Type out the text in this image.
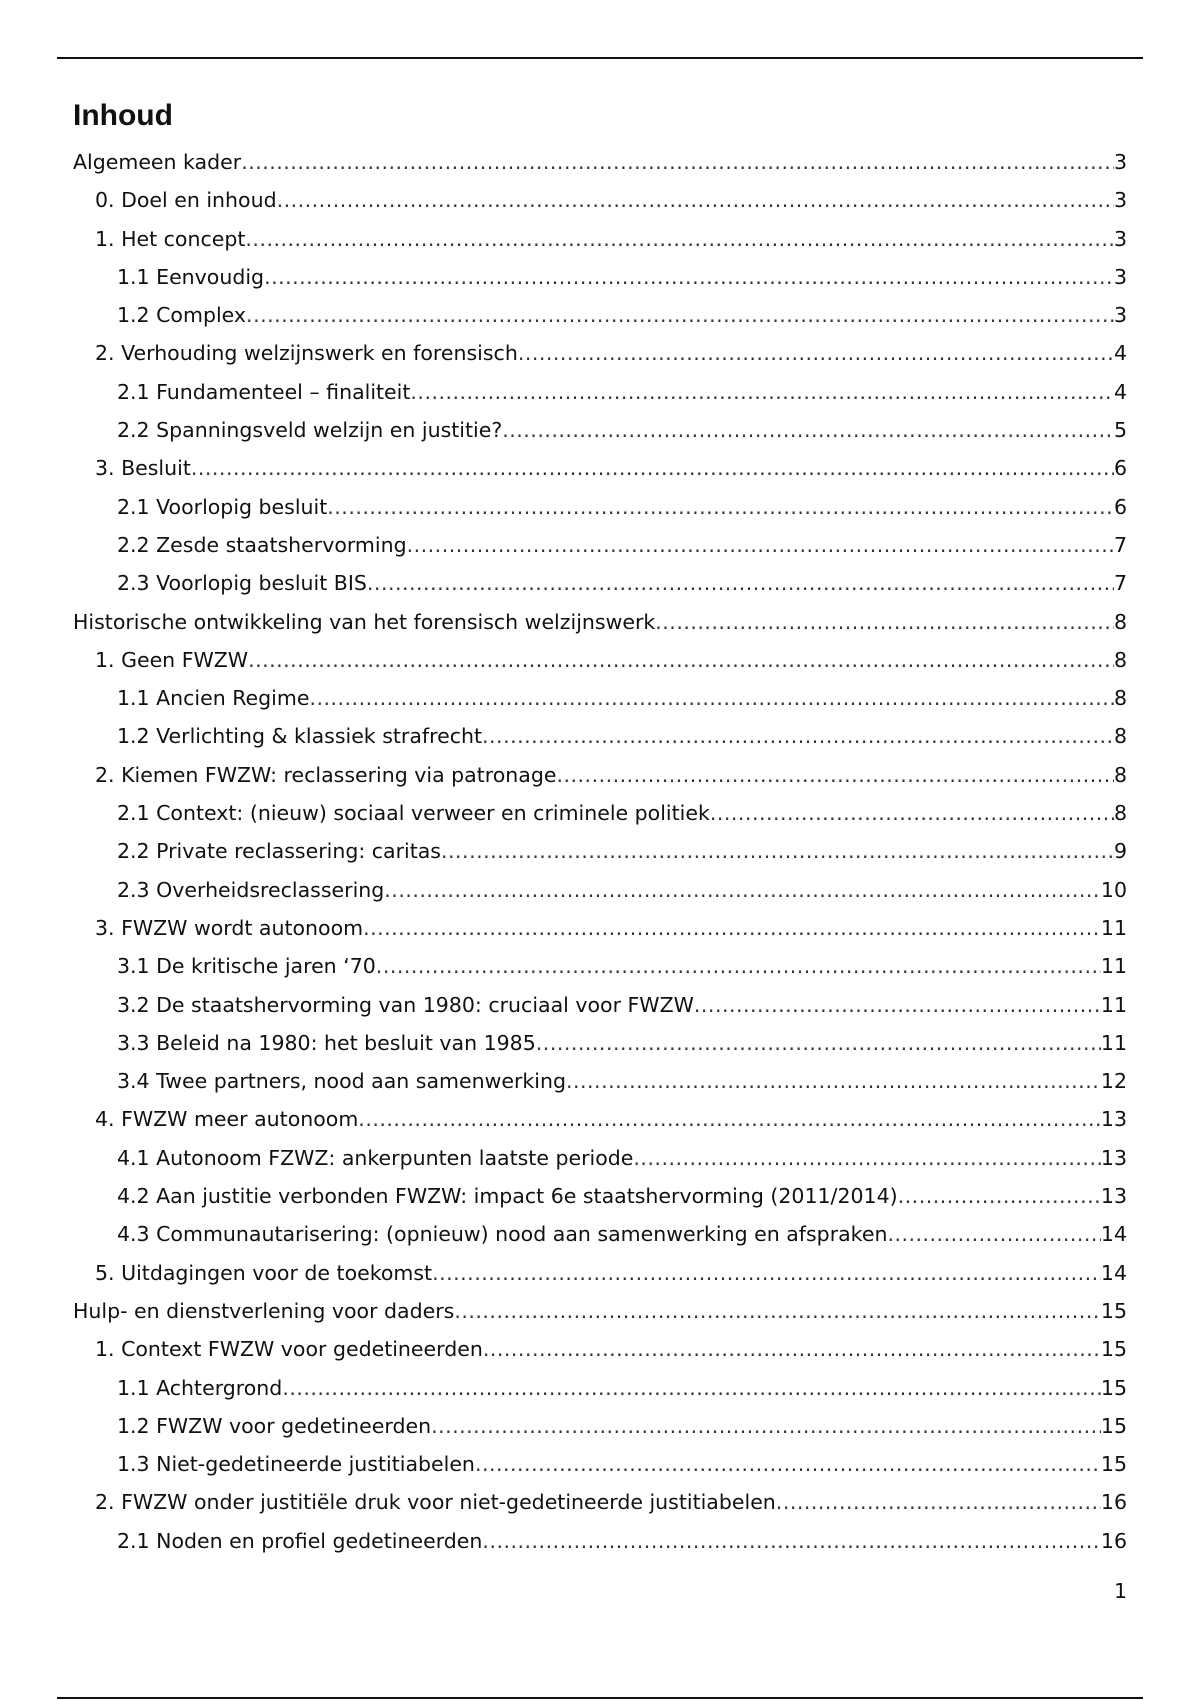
Inhoud
Algemeen kader .....	3
0. Doel en inhoud .....	3
1. Het concept .....	3
1.1 Eenvoudig .....	3
1.2 Complex .....	3
2. Verhouding welzijnswerk en forensisch .....	4
2.1 Fundamenteel – finaliteit .....	4
2.2 Spanningsveld welzijn en justitie? .....	5
3. Besluit .....	6
2.1 Voorlopig besluit .....	6
2.2 Zesde staatshervorming .....	7
2.3 Voorlopig besluit BIS .....	7
Historische ontwikkeling van het forensisch welzijnswerk .....	8
1. Geen FWZW .....	8
1.1 Ancien Regime .....	8
1.2 Verlichting & klassiek strafrecht .....	8
2. Kiemen FWZW: reclassering via patronage .....	8
2.1 Context: (nieuw) sociaal verweer en criminele politiek .....	8
2.2 Private reclassering: caritas .....	9
2.3 Overheidsreclassering .....	10
3. FWZW wordt autonoom .....	11
3.1 De kritische jaren ‘70 .....	11
3.2 De staatshervorming van 1980: cruciaal voor FWZW .....	11
3.3 Beleid na 1980: het besluit van 1985 .....	11
3.4 Twee partners, nood aan samenwerking .....	12
4. FWZW meer autonoom .....	13
4.1 Autonoom FZWZ: ankerpunten laatste periode .....	13
4.2 Aan justitie verbonden FWZW: impact 6e staatshervorming (2011/2014) .....	13
4.3 Communautarisering: (opnieuw) nood aan samenwerking en afspraken .....	14
5. Uitdagingen voor de toekomst .....	14
Hulp- en dienstverlening voor daders .....	15
1. Context FWZW voor gedetineerden .....	15
1.1 Achtergrond .....	15
1.2 FWZW voor gedetineerden .....	15
1.3 Niet-gedetineerde justitiabelen .....	15
2. FWZW onder justitiële druk voor niet-gedetineerde justitiabelen .....	16
2.1 Noden en profiel gedetineerden .....	16
1
